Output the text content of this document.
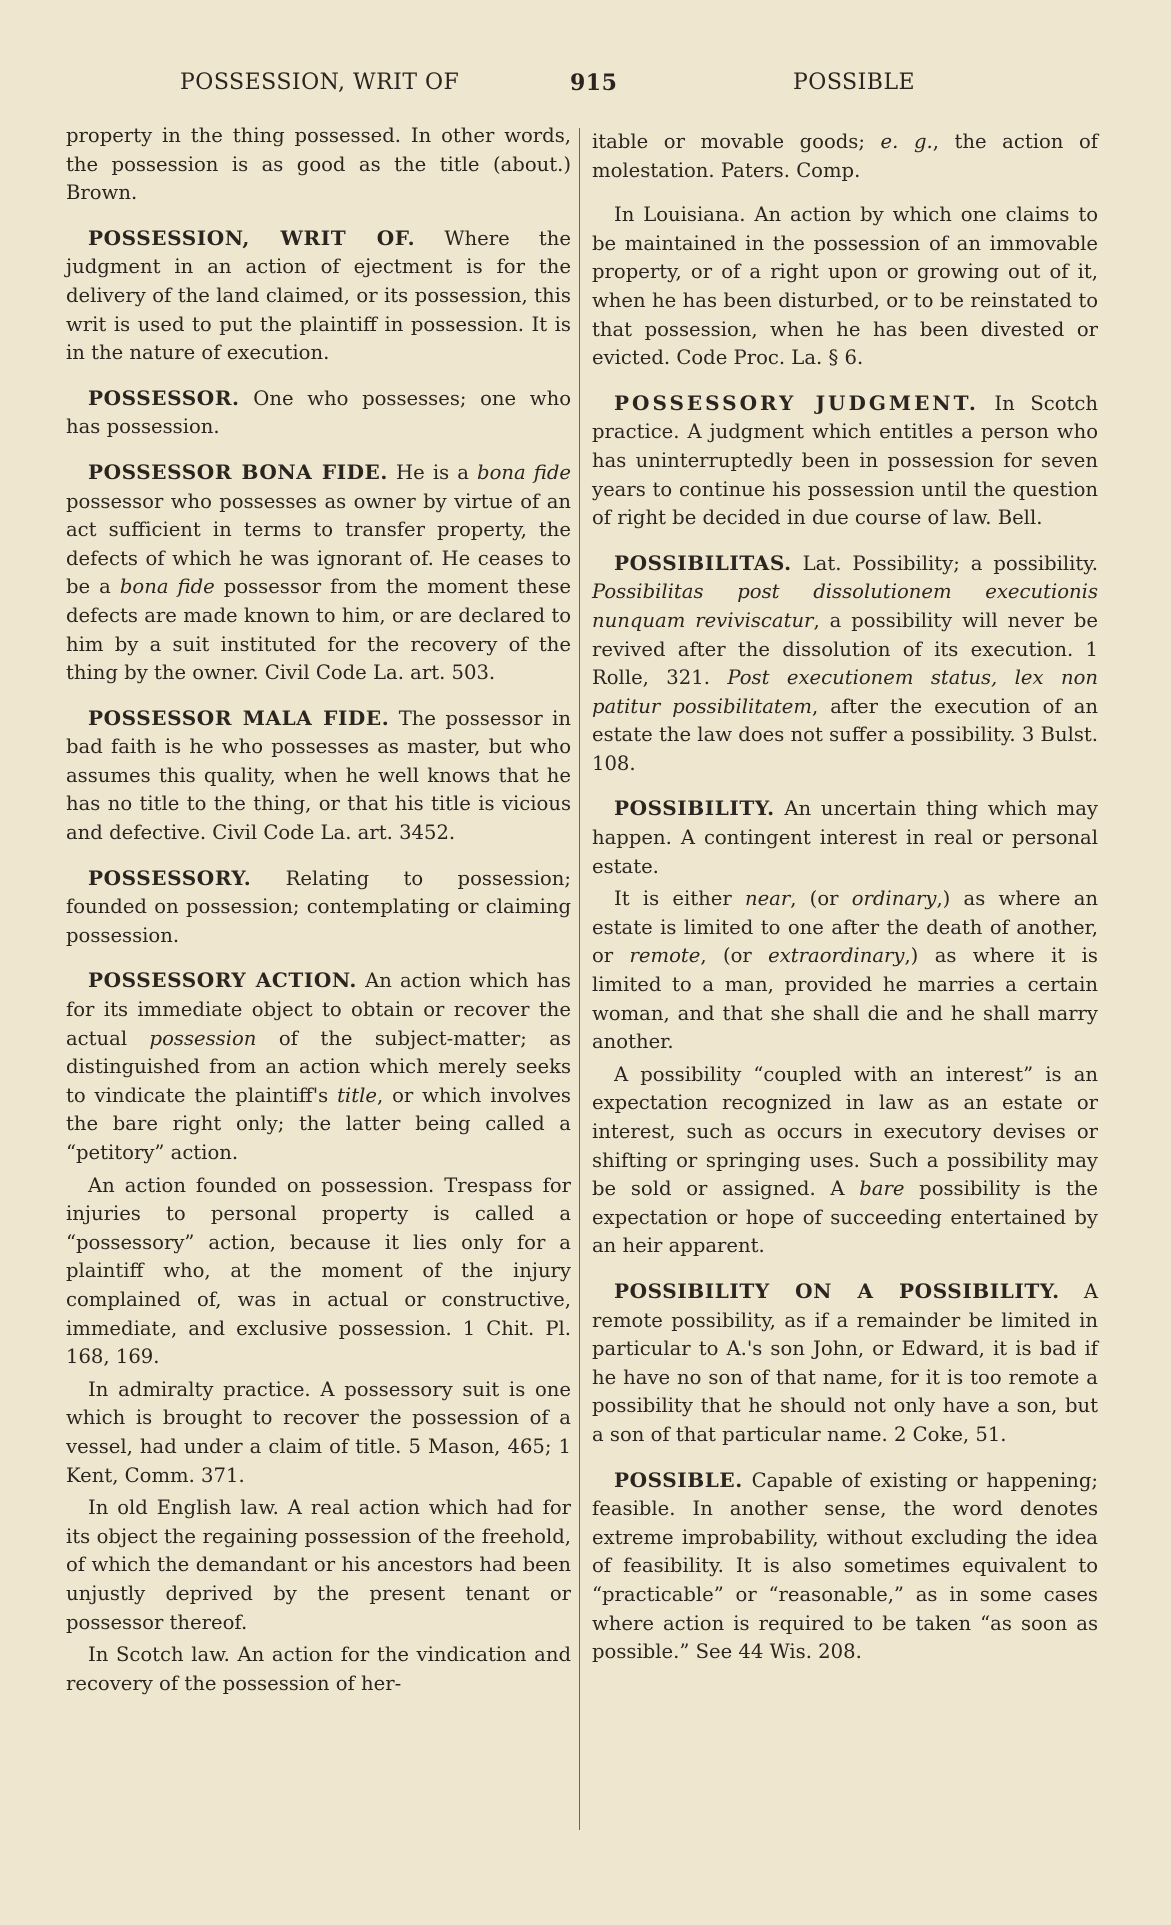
POSSESSION, WRIT OF	915	POSSIBLE

property in the thing possessed. In other words, the possession is as good as the title (about.) Brown.

POSSESSION, WRIT OF. Where the judgment in an action of ejectment is for the delivery of the land claimed, or its possession, this writ is used to put the plaintiff in possession. It is in the nature of execution.

POSSESSOR. One who possesses; one who has possession.

POSSESSOR BONA FIDE. He is a bona fide possessor who possesses as owner by virtue of an act sufficient in terms to transfer property, the defects of which he was ignorant of. He ceases to be a bona fide possessor from the moment these defects are made known to him, or are declared to him by a suit instituted for the recovery of the thing by the owner. Civil Code La. art. 503.

POSSESSOR MALA FIDE. The possessor in bad faith is he who possesses as master, but who assumes this quality, when he well knows that he has no title to the thing, or that his title is vicious and defective. Civil Code La. art. 3452.

POSSESSORY. Relating to possession; founded on possession; contemplating or claiming possession.

POSSESSORY ACTION. An action which has for its immediate object to obtain or recover the actual possession of the subject-matter; as distinguished from an action which merely seeks to vindicate the plaintiff's title, or which involves the bare right only; the latter being called a “petitory” action.

An action founded on possession. Trespass for injuries to personal property is called a “possessory” action, because it lies only for a plaintiff who, at the moment of the injury complained of, was in actual or constructive, immediate, and exclusive possession. 1 Chit. Pl. 168, 169.

In admiralty practice. A possessory suit is one which is brought to recover the possession of a vessel, had under a claim of title. 5 Mason, 465; 1 Kent, Comm. 371.

In old English law. A real action which had for its object the regaining possession of the freehold, of which the demandant or his ancestors had been unjustly deprived by the present tenant or possessor thereof.

In Scotch law. An action for the vindication and recovery of the possession of her-

itable or movable goods; e. g., the action of molestation. Paters. Comp.

In Louisiana. An action by which one claims to be maintained in the possession of an immovable property, or of a right upon or growing out of it, when he has been disturbed, or to be reinstated to that possession, when he has been divested or evicted. Code Proc. La. § 6.

POSSESSORY JUDGMENT. In Scotch practice. A judgment which entitles a person who has uninterruptedly been in possession for seven years to continue his possession until the question of right be decided in due course of law. Bell.

POSSIBILITAS. Lat. Possibility; a possibility. Possibilitas post dissolutionem executionis nunquam reviviscatur, a possibility will never be revived after the dissolution of its execution. 1 Rolle, 321. Post executionem status, lex non patitur possibilitatem, after the execution of an estate the law does not suffer a possibility. 3 Bulst. 108.

POSSIBILITY. An uncertain thing which may happen. A contingent interest in real or personal estate.

It is either near, (or ordinary,) as where an estate is limited to one after the death of another, or remote, (or extraordinary,) as where it is limited to a man, provided he marries a certain woman, and that she shall die and he shall marry another.

A possibility “coupled with an interest” is an expectation recognized in law as an estate or interest, such as occurs in executory devises or shifting or springing uses. Such a possibility may be sold or assigned. A bare possibility is the expectation or hope of succeeding entertained by an heir apparent.

POSSIBILITY ON A POSSIBILITY. A remote possibility, as if a remainder be limited in particular to A.'s son John, or Edward, it is bad if he have no son of that name, for it is too remote a possibility that he should not only have a son, but a son of that particular name. 2 Coke, 51.

POSSIBLE. Capable of existing or happening; feasible. In another sense, the word denotes extreme improbability, without excluding the idea of feasibility. It is also sometimes equivalent to “practicable” or “reasonable,” as in some cases where action is required to be taken “as soon as possible.” See 44 Wis. 208.
